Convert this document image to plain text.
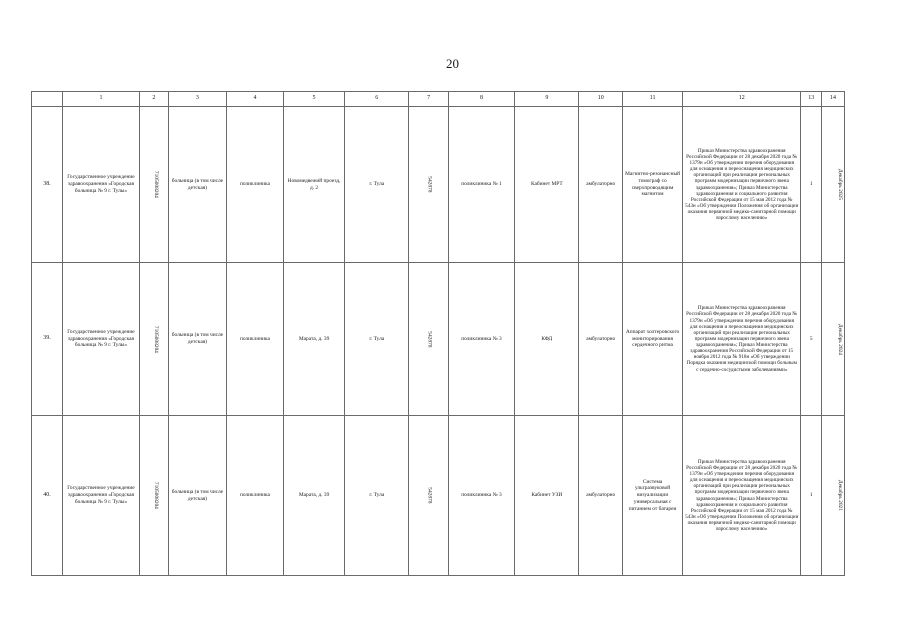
20
	1	2	3	4	5	6	7	8	9	10	11	12	13	14
38.	Государственное учреждение здравоохранения «Городская больница № 9 г. Тулы»	7105008204	больница (в том числе детская)	поликлиника	Новомедвежий проезд, д. 2	г. Тула	542878	поликлиника № 1	Кабинет МРТ	амбулаторно	Магнитно-резонансный томограф со сверхпроводящим магнитом	Приказ Министерства здравоохранения Российской Федерации от 28 декабря 2020 года № 1379н «Об утверждении перечня оборудования для оснащения и переоснащения медицинских организаций при реализации региональных программ модернизации первичного звена здравоохранения»; Приказ Министерства здравоохранения и социального развития Российской Федерации от 15 мая 2012 года № 543н «Об утверждении Положения об организации оказания первичной медико-санитарной помощи взрослому населению»	1	Декабрь 2025
39.	Государственное учреждение здравоохранения «Городская больница № 9 г. Тулы»	7105008204	больница (в том числе детская)	поликлиника	Марата, д. 39	г. Тула	542878	поликлиника № 3	КФД	амбулаторно	Аппарат холтеровского мониторирования сердечного ритма	Приказ Министерства здравоохранения Российской Федерации от 28 декабря 2020 года № 1379н «Об утверждении перечня оборудования для оснащения и переоснащения медицинских организаций при реализации региональных программ модернизации первичного звена здравоохранения»; Приказ Министерства здравоохранения Российской Федерации от 15 ноября 2012 года № 918н «Об утверждении Порядка оказания медицинской помощи больным с сердечно-сосудистыми заболеваниями»	5	Декабрь 2024
40.	Государственное учреждение здравоохранения «Городская больница № 9 г. Тулы»	7105008204	больница (в том числе детская)	поликлиника	Марата, д. 39	г. Тула	542878	поликлиника № 3	Кабинет УЗИ	амбулаторно	Система ультразвуковой визуализации универсальная с питанием от батареи	Приказ Министерства здравоохранения Российской Федерации от 28 декабря 2020 года № 1379н «Об утверждении перечня оборудования для оснащения и переоснащения медицинских организаций при реализации региональных программ модернизации первичного звена здравоохранения»; Приказ Министерства здравоохранения и социального развития Российской Федерации от 15 мая 2012 года № 543н «Об утверждении Положения об организации оказания первичной медико-санитарной помощи взрослому населению»	1	Декабрь 2021
